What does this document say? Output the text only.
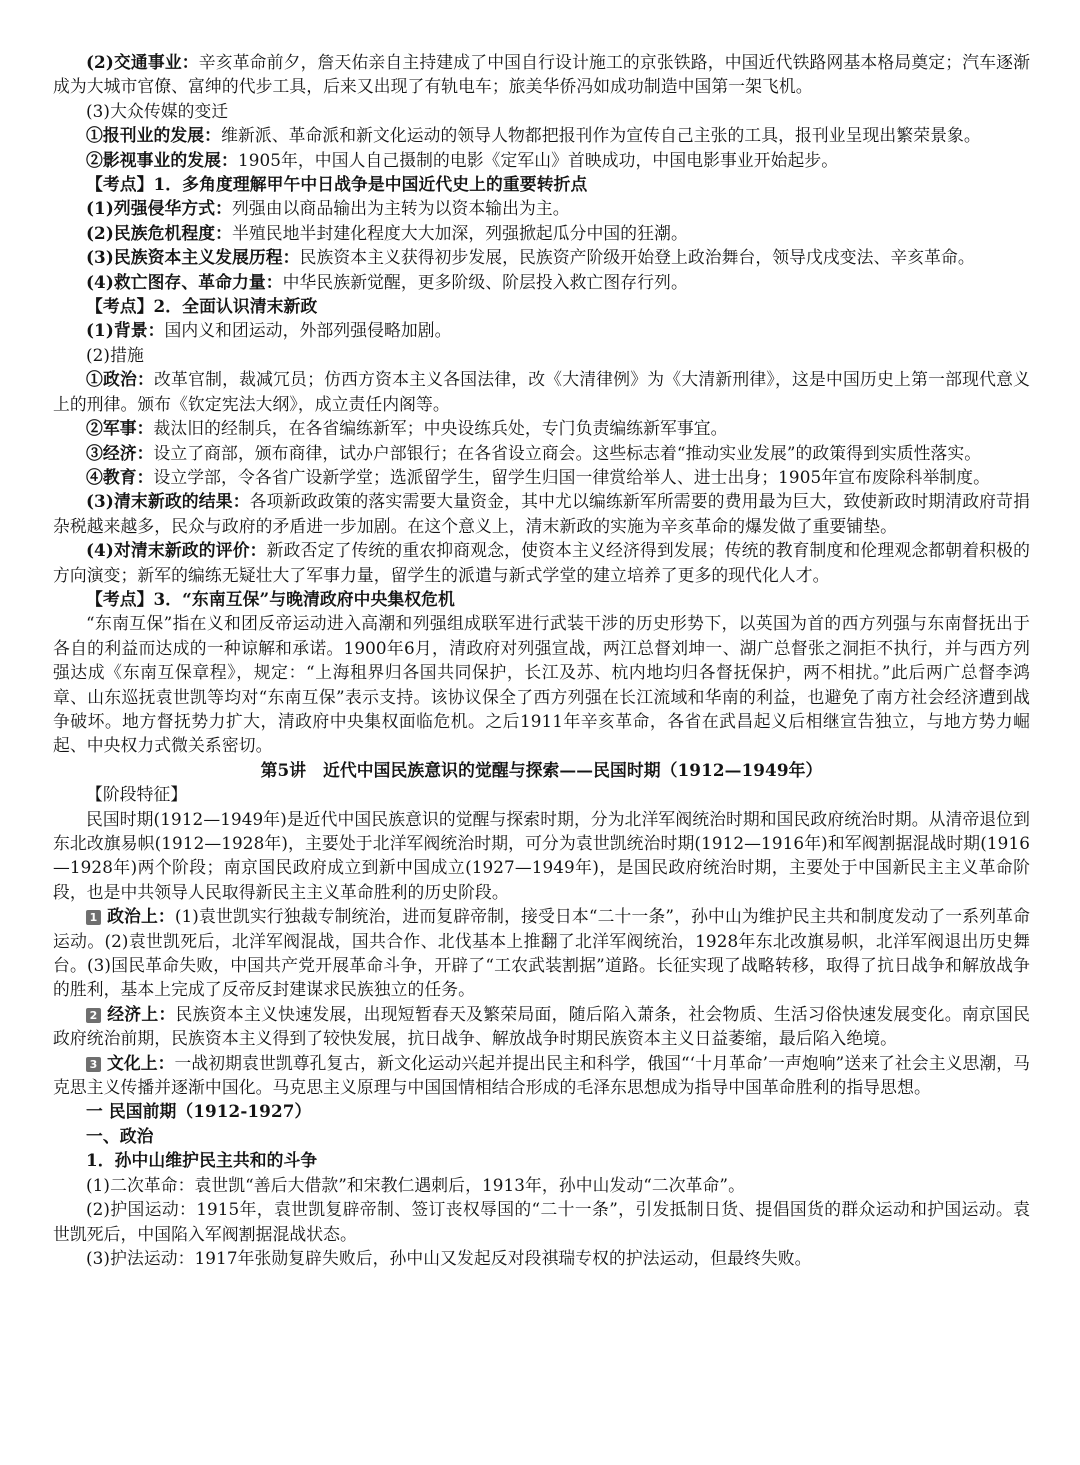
(2)交通事业：辛亥革命前夕，詹天佑亲自主持建成了中国自行设计施工的京张铁路，中国近代铁路网基本格局奠定；汽车逐渐成为大城市官僚、富绅的代步工具，后来又出现了有轨电车；旅美华侨冯如成功制造中国第一架飞机。

(3)大众传媒的变迁

①报刊业的发展：维新派、革命派和新文化运动的领导人物都把报刊作为宣传自己主张的工具，报刊业呈现出繁荣景象。

②影视事业的发展：1905年，中国人自己摄制的电影《定军山》首映成功，中国电影事业开始起步。

【考点】1．多角度理解甲午中日战争是中国近代史上的重要转折点

(1)列强侵华方式：列强由以商品输出为主转为以资本输出为主。

(2)民族危机程度：半殖民地半封建化程度大大加深，列强掀起瓜分中国的狂潮。

(3)民族资本主义发展历程：民族资本主义获得初步发展，民族资产阶级开始登上政治舞台，领导戊戌变法、辛亥革命。

(4)救亡图存、革命力量：中华民族新觉醒，更多阶级、阶层投入救亡图存行列。

【考点】2．全面认识清末新政

(1)背景：国内义和团运动，外部列强侵略加剧。

(2)措施

①政治：改革官制，裁减冗员；仿西方资本主义各国法律，改《大清律例》为《大清新刑律》，这是中国历史上第一部现代意义上的刑律。颁布《钦定宪法大纲》，成立责任内阁等。

②军事：裁汰旧的经制兵，在各省编练新军；中央设练兵处，专门负责编练新军事宜。

③经济：设立了商部，颁布商律，试办户部银行；在各省设立商会。这些标志着“推动实业发展”的政策得到实质性落实。

④教育：设立学部，令各省广设新学堂；选派留学生，留学生归国一律赏给举人、进士出身；1905年宣布废除科举制度。

(3)清末新政的结果：各项新政政策的落实需要大量资金，其中尤以编练新军所需要的费用最为巨大，致使新政时期清政府苛捐杂税越来越多，民众与政府的矛盾进一步加剧。在这个意义上，清末新政的实施为辛亥革命的爆发做了重要铺垫。

(4)对清末新政的评价：新政否定了传统的重农抑商观念，使资本主义经济得到发展；传统的教育制度和伦理观念都朝着积极的方向演变；新军的编练无疑壮大了军事力量，留学生的派遣与新式学堂的建立培养了更多的现代化人才。

【考点】3．“东南互保”与晚清政府中央集权危机

“东南互保”指在义和团反帝运动进入高潮和列强组成联军进行武装干涉的历史形势下，以英国为首的西方列强与东南督抚出于各自的利益而达成的一种谅解和承诺。1900年6月，清政府对列强宣战，两江总督刘坤一、湖广总督张之洞拒不执行，并与西方列强达成《东南互保章程》，规定：“上海租界归各国共同保护，长江及苏、杭内地均归各督抚保护，两不相扰。”此后两广总督李鸿章、山东巡抚袁世凯等均对“东南互保”表示支持。该协议保全了西方列强在长江流域和华南的利益，也避免了南方社会经济遭到战争破坏。地方督抚势力扩大，清政府中央集权面临危机。之后1911年辛亥革命，各省在武昌起义后相继宣告独立，与地方势力崛起、中央权力式微关系密切。

第5讲　近代中国民族意识的觉醒与探索——民国时期（1912—1949年）

【阶段特征】

民国时期(1912—1949年)是近代中国民族意识的觉醒与探索时期，分为北洋军阀统治时期和国民政府统治时期。从清帝退位到东北改旗易帜(1912—1928年)，主要处于北洋军阀统治时期，可分为袁世凯统治时期(1912—1916年)和军阀割据混战时期(1916—1928年)两个阶段；南京国民政府成立到新中国成立(1927—1949年)，是国民政府统治时期，主要处于中国新民主主义革命阶段，也是中共领导人民取得新民主主义革命胜利的历史阶段。

1 政治上：(1)袁世凯实行独裁专制统治，进而复辟帝制，接受日本“二十一条”，孙中山为维护民主共和制度发动了一系列革命运动。(2)袁世凯死后，北洋军阀混战，国共合作、北伐基本上推翻了北洋军阀统治，1928年东北改旗易帜，北洋军阀退出历史舞台。(3)国民革命失败，中国共产党开展革命斗争，开辟了“工农武装割据”道路。长征实现了战略转移，取得了抗日战争和解放战争的胜利，基本上完成了反帝反封建谋求民族独立的任务。

2 经济上：民族资本主义快速发展，出现短暂春天及繁荣局面，随后陷入萧条，社会物质、生活习俗快速发展变化。南京国民政府统治前期，民族资本主义得到了较快发展，抗日战争、解放战争时期民族资本主义日益萎缩，最后陷入绝境。

3 文化上：一战初期袁世凯尊孔复古，新文化运动兴起并提出民主和科学，俄国“‘十月革命’一声炮响”送来了社会主义思潮，马克思主义传播并逐渐中国化。马克思主义原理与中国国情相结合形成的毛泽东思想成为指导中国革命胜利的指导思想。

一 民国前期（1912-1927）

一、政治

1．孙中山维护民主共和的斗争

(1)二次革命：袁世凯“善后大借款”和宋教仁遇刺后，1913年，孙中山发动“二次革命”。

(2)护国运动：1915年，袁世凯复辟帝制、签订丧权辱国的“二十一条”，引发抵制日货、提倡国货的群众运动和护国运动。袁世凯死后，中国陷入军阀割据混战状态。

(3)护法运动：1917年张勋复辟失败后，孙中山又发起反对段祺瑞专权的护法运动，但最终失败。
